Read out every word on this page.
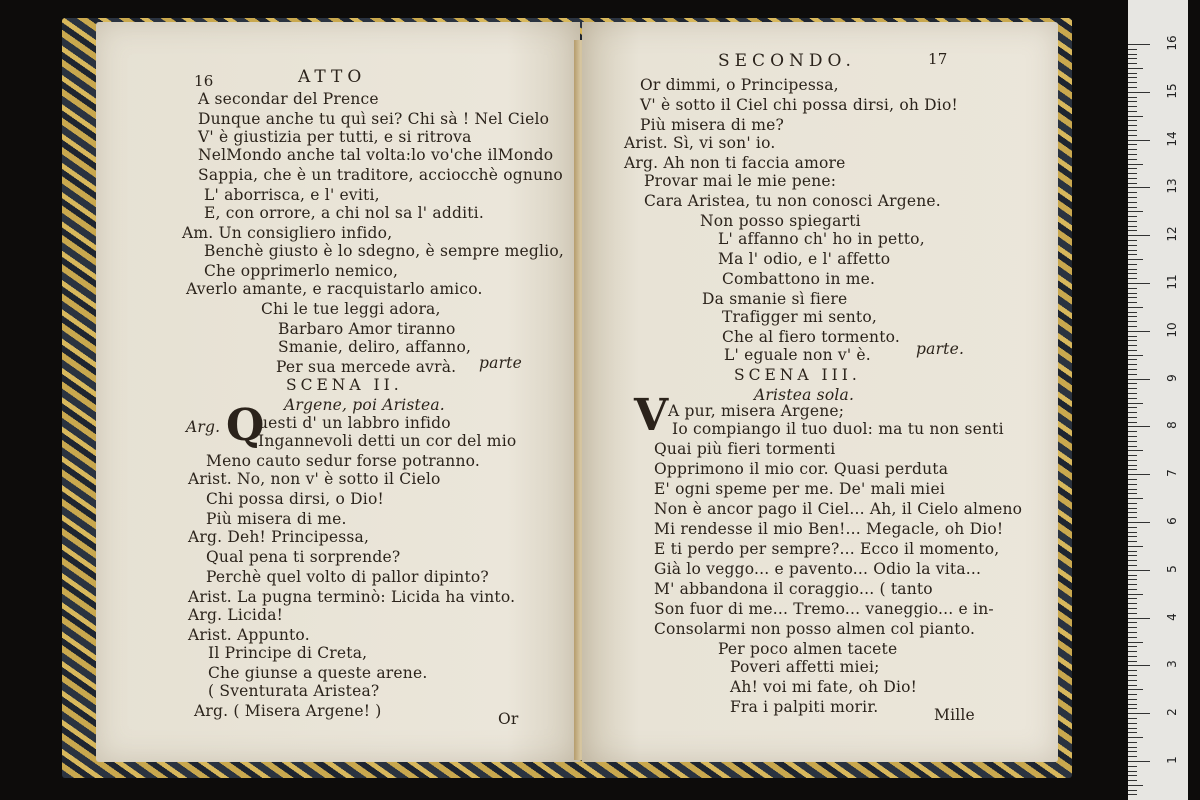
16	ATTO
A secondar del Prence
Dunque anche tu quì sei? Chi sà ! Nel Cielo
V' è giustizia per tutti, e si ritrova
NelMondo anche tal volta:lo vo'che ilMondo
Sappia, che è un traditore, acciocchè ognuno
L' aborrisca, e l' eviti,
E, con orrore, a chi nol sa l' additi.
Am. Un consigliero infido,
Benchè giusto è lo sdegno, è sempre meglio,
Che opprimerlo nemico,
Averlo amante, e racquistarlo amico.
Chi le tue leggi adora,
Barbaro Amor tiranno
Smanie, deliro, affanno,
Per sua mercede avrà. parte
SCENA II.
Argene, poi Aristea.
Arg. Q
uesti d' un labbro infido
Ingannevoli detti un cor del mio
Meno cauto sedur forse potranno.
Arist. No, non v' è sotto il Cielo
Chi possa dirsi, o Dio!
Più misera di me.
Arg. Deh! Principessa,
Qual pena ti sorprende?
Perchè quel volto di pallor dipinto?
Arist. La pugna terminò: Licida ha vinto.
Arg. Licida!
Arist. Appunto.
Il Principe di Creta,
Che giunse a queste arene.
( Sventurata Aristea?
Arg. ( Misera Argene! )	Or
SECONDO.	17
Or dimmi, o Principessa,
V' è sotto il Ciel chi possa dirsi, oh Dio!
Più misera di me?
Arist. Sì, vi son' io.
Arg. Ah non ti faccia amore
Provar mai le mie pene:
Cara Aristea, tu non conosci Argene.
Non posso spiegarti
L' affanno ch' ho in petto,
Ma l' odio, e l' affetto
Combattono in me.
Da smanie sì fiere
Trafigger mi sento,
Che al fiero tormento.
L' eguale non v' è.	parte.
SCENA III.
Aristea sola.
V A pur, misera Argene;
Io compiango il tuo duol: ma tu non senti
Quai più fieri tormenti
Opprimono il mio cor. Quasi perduta
E' ogni speme per me. De' mali miei
Non è ancor pago il Ciel... Ah, il Cielo almeno
Mi rendesse il mio Ben!... Megacle, oh Dio!
E ti perdo per sempre?... Ecco il momento,
Già lo veggo... e pavento... Odio la vita...
M' abbandona il coraggio... ( tanto
Son fuor di me... Tremo... vaneggio... e in-
Consolarmi non posso almen col pianto.
Per poco almen tacete
Poveri affetti miei;
Ah! voi mi fate, oh Dio!
Fra i palpiti morir.	Mille
16
15
14
13
12
11
10
9
8
7
6
5
4
3
2
1
